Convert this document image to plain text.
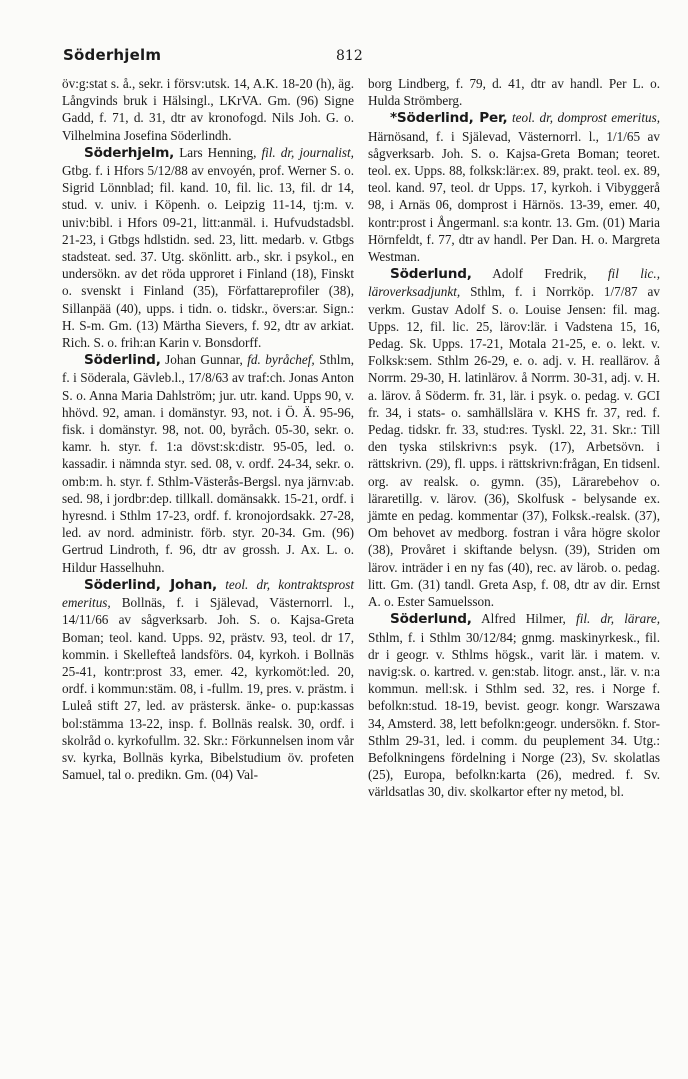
Söderhjelm	812

öv:g:stat s. å., sekr. i försv:utsk. 14, A.K. 18-20 (h), äg. Långvinds bruk i Hälsingl., LKrVA. Gm. (96) Signe Gadd, f. 71, d. 31, dtr av kronofogd. Nils Joh. G. o. Vilhelmina Josefina Söderlindh.

Söderhjelm, Lars Henning, fil. dr, journalist, Gtbg. f. i Hfors 5/12/88 av envoyén, prof. Werner S. o. Sigrid Lönnblad; fil. kand. 10, fil. lic. 13, fil. dr 14, stud. v. univ. i Köpenh. o. Leipzig 11-14, tj:m. v. univ:bibl. i Hfors 09-21, litt:anmäl. i. Hufvudstadsbl. 21-23, i Gtbgs hdlstidn. sed. 23, litt. medarb. v. Gtbgs stadsteat. sed. 37. Utg. skönlitt. arb., skr. i psykol., en undersökn. av det röda upproret i Finland (18), Finskt o. svenskt i Finland (35), Författareprofiler (38), Sillanpää (40), upps. i tidn. o. tidskr., övers:ar. Sign.: H. S-m. Gm. (13) Märtha Sievers, f. 92, dtr av arkiat. Rich. S. o. frih:an Karin v. Bonsdorff.

Söderlind, Johan Gunnar, fd. byråchef, Sthlm, f. i Söderala, Gävleb.l., 17/8/63 av traf:ch. Jonas Anton S. o. Anna Maria Dahlström; jur. utr. kand. Upps 90, v. hhövd. 92, aman. i domänstyr. 93, not. i Ö. Ä. 95-96, fisk. i domänstyr. 98, not. 00, byråch. 05-30, sekr. o. kamr. h. styr. f. 1:a dövst:sk:distr. 95-05, led. o. kassadir. i nämnda styr. sed. 08, v. ordf. 24-34, sekr. o. omb:m. h. styr. f. Sthlm-Västerås-Bergsl. nya järnv:ab. sed. 98, i jordbr:dep. tillkall. domänsakk. 15-21, ordf. i hyresnd. i Sthlm 17-23, ordf. f. kronojordsakk. 27-28, led. av nord. administr. förb. styr. 20-34. Gm. (96) Gertrud Lindroth, f. 96, dtr av grossh. J. Ax. L. o. Hildur Hasselhuhn.

Söderlind, Johan, teol. dr, kontraktsprost emeritus, Bollnäs, f. i Själevad, Västernorrl. l., 14/11/66 av sågverksarb. Joh. S. o. Kajsa-Greta Boman; teol. kand. Upps. 92, prästv. 93, teol. dr 17, kommin. i Skellefteå landsförs. 04, kyrkoh. i Bollnäs 25-41, kontr:prost 33, emer. 42, kyrkomöt:led. 20, ordf. i kommun:stäm. 08, i -fullm. 19, pres. v. prästm. i Luleå stift 27, led. av prästersk. änke- o. pup:kassas bol:stämma 13-22, insp. f. Bollnäs realsk. 30, ordf. i skolråd o. kyrkofullm. 32. Skr.: Förkunnelsen inom vår sv. kyrka, Bollnäs kyrka, Bibelstudium öv. profeten Samuel, tal o. predikn. Gm. (04) Val-

borg Lindberg, f. 79, d. 41, dtr av handl. Per L. o. Hulda Strömberg.

*Söderlind, Per, teol. dr, domprost emeritus, Härnösand, f. i Själevad, Västernorrl. l., 1/1/65 av sågverksarb. Joh. S. o. Kajsa-Greta Boman; teoret. teol. ex. Upps. 88, folksk:lär:ex. 89, prakt. teol. ex. 89, teol. kand. 97, teol. dr Upps. 17, kyrkoh. i Vibyggerå 98, i Arnäs 06, domprost i Härnös. 13-39, emer. 40, kontr:prost i Ångermanl. s:a kontr. 13. Gm. (01) Maria Hörnfeldt, f. 77, dtr av handl. Per Dan. H. o. Margreta Westman.

Söderlund, Adolf Fredrik, fil lic., läroverksadjunkt, Sthlm, f. i Norrköp. 1/7/87 av verkm. Gustav Adolf S. o. Louise Jensen: fil. mag. Upps. 12, fil. lic. 25, lärov:lär. i Vadstena 15, 16, Pedag. Sk. Upps. 17-21, Motala 21-25, e. o. lekt. v. Folksk:sem. Sthlm 26-29, e. o. adj. v. H. reallärov. å Norrm. 29-30, H. latinlärov. å Norrm. 30-31, adj. v. H. a. lärov. å Söderm. fr. 31, lär. i psyk. o. pedag. v. GCI fr. 34, i stats- o. samhällslära v. KHS fr. 37, red. f. Pedag. tidskr. fr. 33, stud:res. Tyskl. 22, 31. Skr.: Till den tyska stilskrivn:s psyk. (17), Arbetsövn. i rättskrivn. (29), fl. upps. i rättskrivn:frågan, En tidsenl. org. av realsk. o. gymn. (35), Lärarebehov o. läraretillg. v. lärov. (36), Skolfusk - belysande ex. jämte en pedag. kommentar (37), Folksk.-realsk. (37), Om behovet av medborg. fostran i våra högre skolor (38), Provåret i skiftande belysn. (39), Striden om lärov. inträder i en ny fas (40), rec. av lärob. o. pedag. litt. Gm. (31) tandl. Greta Asp, f. 08, dtr av dir. Ernst A. o. Ester Samuelsson.

Söderlund, Alfred Hilmer, fil. dr, lärare, Sthlm, f. i Sthlm 30/12/84; gnmg. maskinyrkesk., fil. dr i geogr. v. Sthlms högsk., varit lär. i matem. v. navig:sk. o. kartred. v. gen:stab. litogr. anst., lär. v. n:a kommun. mell:sk. i Sthlm sed. 32, res. i Norge f. befolkn:stud. 18-19, bevist. geogr. kongr. Warszawa 34, Amsterd. 38, lett befolkn:geogr. undersökn. f. Stor-Sthlm 29-31, led. i comm. du peuplement 34. Utg.: Befolkningens fördelning i Norge (23), Sv. skolatlas (25), Europa, befolkn:karta (26), medred. f. Sv. världsatlas 30, div. skolkartor efter ny metod, bl.
